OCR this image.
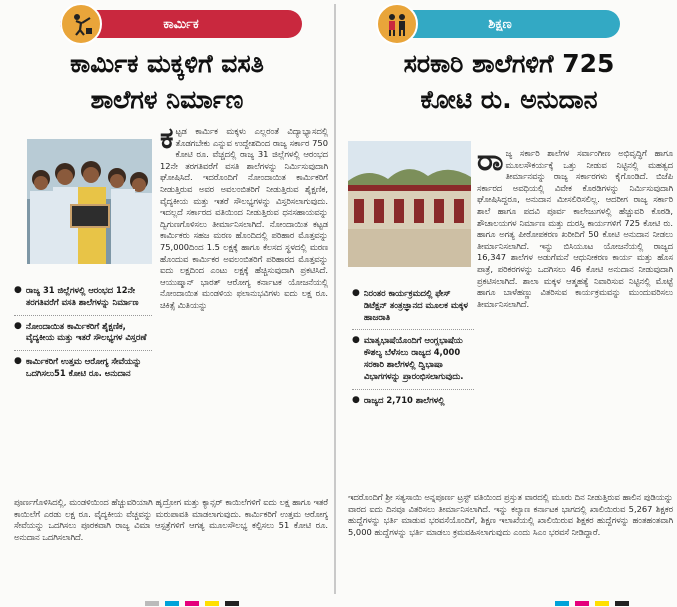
ಕಾರ್ಮಿಕ
ಕಾರ್ಮಿಕ ಮಕ್ಕಳಿಗೆ ವಸತಿ
ಶಾಲೆಗಳ ನಿರ್ಮಾಣ
ಕ ಟ್ಟಡ ಕಾರ್ಮಿಕ ಮಕ್ಕಳು ಎಲ್ಲರಂತೆ ವಿದ್ಯಾಭ್ಯಾಸದಲ್ಲಿ ತೊಡಗಬೇಕು ಎನ್ನುವ ಉದ್ದೇಶದಿಂದ ರಾಜ್ಯ ಸರ್ಕಾರ 750 ಕೋಟಿ ರೂ. ವೆಚ್ಚದಲ್ಲಿ ರಾಜ್ಯ 31 ಜಿಲ್ಲೆಗಳಲ್ಲಿ ಆರಂಭದ 12ನೇ ತರಗತಿವರೆಗೆ ವಸತಿ ಶಾಲೆಗಳನ್ನು ನಿರ್ಮಿಸುವುದಾಗಿ ಘೋಷಿಸಿದೆ. ಇದರೊಂದಿಗೆ ನೋಂದಾಯಿತ ಕಾರ್ಮಿಕರಿಗೆ ನೀಡುತ್ತಿರುವ ಅವರ ಅವಲಂಬಿತರಿಗೆ ನೀಡುತ್ತಿರುವ ಶೈಕ್ಷಣಿಕ, ವೈದ್ಯಕೀಯ ಮತ್ತು ಇತರೆ ಸೌಲಭ್ಯಗಳನ್ನು ವಿಸ್ತರಿಸಲಾಗುವುದು. ಇದಲ್ಲದೆ ಸರ್ಕಾರದ ವತಿಯಿಂದ ನೀಡುತ್ತಿರುವ ಧನಸಹಾಯವನ್ನು ದ್ವಿಗುಣಗೊಳಿಸಲು ತೀರ್ಮಾನಿಸಲಾಗಿದೆ. ನೋಂದಾಯಿತ ಕಟ್ಟಡ ಕಾರ್ಮಿಕರು ಸಹಜ ಮರಣ ಹೊಂದಿದಲ್ಲಿ ಪರಿಹಾರ ಮೊತ್ತವನ್ನು 75,000ದಿಂದ 1.5 ಲಕ್ಷಕ್ಕೆ ಹಾಗೂ ಕೆಲಸದ ಸ್ಥಳದಲ್ಲಿ ಮರಣ ಹೊಂದುವ ಕಾರ್ಮಿಕರ ಅವಲಂಬಿತರಿಗೆ ಪರಿಹಾರದ ಮೊತ್ತವನ್ನು ಐದು ಲಕ್ಷದಿಂದ ಎಂಟು ಲಕ್ಷಕ್ಕೆ ಹೆಚ್ಚಿಸುವುದಾಗಿ ಪ್ರಕಟಿಸಿದೆ. ಆಯುಷ್ಮಾನ್ ಭಾರತ್ ಆರೋಗ್ಯ ಕರ್ನಾಟಕ ಯೋಜನೆಯಲ್ಲಿ ನೋಂದಾಯಿತ ಮಂಡಳಿಯ ಫಲಾನುಭವಿಗಳು ಐದು ಲಕ್ಷ ರೂ. ಚಿಕಿತ್ಸೆ ಮಿತಿಯನ್ನು
● ರಾಜ್ಯ 31 ಜಿಲ್ಲೆಗಳಲ್ಲಿ ಆರಂಭದ 12ನೇ ತರಗತಿವರೆಗೆ ವಸತಿ ಶಾಲೆಗಳನ್ನು ನಿರ್ಮಾಣ
● ನೋಂದಾಯಿತ ಕಾರ್ಮಿಕರಿಗೆ ಶೈಕ್ಷಣಿಕ, ವೈದ್ಯಕೀಯ ಮತ್ತು ಇತರೆ ಸೌಲಭ್ಯಗಳ ವಿಸ್ತರಣೆ
● ಕಾರ್ಮಿಕರಿಗೆ ಉತ್ತಮ ಆರೋಗ್ಯ ಸೇವೆಯನ್ನು ಒದಗಿಸಲು51 ಕೋಟಿ ರೂ. ಅನುದಾನ
ಪೂರ್ಣಗೊಳಿಸಿದಲ್ಲಿ, ಮಂಡಳಿಯಿಂದ ಹೆಚ್ಚುವರಿಯಾಗಿ ಹೃದ್ರೋಗ ಮತ್ತು ಕ್ಯಾನ್ಸರ್ ಕಾಯಿಲೆಗಳಿಗೆ ಐದು ಲಕ್ಷ ಹಾಗೂ ಇತರೆ ಕಾಯಿಲೆಗೆ ಎರಡು ಲಕ್ಷ ರೂ. ವೈದ್ಯಕೀಯ ವೆಚ್ಚವನ್ನು ಮರುಪಾವತಿ ಮಾಡಲಾಗುವುದು. ಕಾರ್ಮಿಕರಿಗೆ ಉತ್ತಮ ಆರೋಗ್ಯ ಸೇವೆಯನ್ನು ಒದಗಿಸಲು ಪೂರಕವಾಗಿ ರಾಜ್ಯ ವಿಮಾ ಆಸ್ಪತ್ರೆಗಳಿಗೆ ಆಗತ್ಯ ಮೂಲಸೌಲಭ್ಯ ಕಲ್ಪಿಸಲು 51 ಕೋಟಿ ರೂ. ಅನುದಾನ ಒದಗಿಸಲಾಗಿದೆ.
ಶಿಕ್ಷಣ
ಸರಕಾರಿ ಶಾಲೆಗಳಿಗೆ 725
ಕೋಟಿ ರು. ಅನುದಾನ
ರಾ ಜ್ಯ ಸರ್ಕಾರಿ ಶಾಲೆಗಳ ಸರ್ವಾಂಗೀಣ ಅಭಿವೃದ್ಧಿಗೆ ಹಾಗೂ ಮೂಲಸೌಕರ್ಯಕ್ಕೆ ಒತ್ತು ನೀಡುವ ನಿಟ್ಟಿನಲ್ಲಿ ಮಹತ್ವದ ತೀರ್ಮಾನವನ್ನು ರಾಜ್ಯ ಸರ್ಕಾರಗಳು ಕೈಗೊಂಡಿದೆ. ಬಿಜೆಪಿ ಸರ್ಕಾರದ ಅವಧಿಯಲ್ಲಿ ವಿವೇಕ ಕೊಠಡಿಗಳನ್ನು ನಿರ್ಮಿಸುವುದಾಗಿ ಘೋಷಿಸಿದ್ದರೂ, ಅನುದಾನ ಮೀಸಲಿರಿಸಲಿಲ್ಲ. ಆದರೀಗ ರಾಜ್ಯ ಸರ್ಕಾರಿ ಶಾಲೆ ಹಾಗೂ ಪದವಿ ಪೂರ್ವ ಕಾಲೇಜುಗಳಲ್ಲಿ ಹೆಚ್ಚುವರಿ ಕೊಠಡಿ, ಶೌಚಾಲಯಗಳ ನಿರ್ಮಾಣ ಮತ್ತು ದುರಸ್ತಿ ಕಾರ್ಯಗಳಿಗೆ 725 ಕೋಟಿ ರು. ಹಾಗೂ ಅಗತ್ಯ ಪೀಠೋಪಕರಣ ಖರೀದಿಗೆ 50 ಕೋಟಿ ಅನುದಾನ ನೀಡಲು ತೀರ್ಮಾನಿಸಲಾಗಿದೆ. ಇನ್ನು ಬಿಸಿಯೂಟ ಯೋಜನೆಯಲ್ಲಿ ರಾಜ್ಯದ 16,347 ಶಾಲೆಗಳ ಅಡುಗೆಮನೆ ಆಧುನೀಕರಣ ಕಾರ್ಯ ಮತ್ತು ಹೊಸ ಪಾತ್ರೆ, ಪರಿಕರಗಳನ್ನು ಒದಗಿಸಲು 46 ಕೋಟಿ ಅನುದಾನ ನೀಡುವುದಾಗಿ ಪ್ರಕಟಿಸಲಾಗಿದೆ. ಶಾಲಾ ಮಕ್ಕಳ ಆತ್ಮಹತ್ಯೆ ನಿವಾರಿಸುವ ನಿಟ್ಟಿನಲ್ಲಿ ಮೊಟ್ಟೆ ಹಾಗೂ ಬಾಳೆಹಣ್ಣು ವಿತರಿಸುವ ಕಾರ್ಯಕ್ರಮವನ್ನು ಮುಂದುವರಿಸಲು ತೀರ್ಮಾನಿಸಲಾಗಿದೆ.
● ನಿರಂತರ ಕಾರ್ಯಕ್ರಮದಲ್ಲಿ ಫೇಸ್ ಡಿಟೆಕ್ಷನ್ ತಂತ್ರಜ್ಞಾನದ ಮೂಲಕ ಮಕ್ಕಳ ಹಾಜರಾತಿ
● ಮಾತೃಭಾಷೆಯೊಂದಿಗೆ ಆಂಗ್ಲಭಾಷೆಯ ಕೌಶಲ್ಯ ಬೆಳೆಸಲು ರಾಜ್ಯದ 4,000 ಸರಕಾರಿ ಶಾಲೆಗಳಲ್ಲಿ ದ್ವಿಭಾಷಾ ವಿಭಾಗಗಳನ್ನು ಪ್ರಾರಂಭಿಸಲಾಗುವುದು.
● ರಾಜ್ಯದ 2,710 ಶಾಲೆಗಳಲ್ಲಿ
ಇದರೊಂದಿಗೆ ಶ್ರೀ ಸತ್ಯಸಾಯಿ ಅನ್ನಪೂರ್ಣ ಟ್ರಸ್ಟ್ ವತಿಯಿಂದ ಪ್ರಸ್ತುತ ವಾರದಲ್ಲಿ ಮೂರು ದಿನ ನೀಡುತ್ತಿರುವ ಹಾಲಿನ ಪುಡಿಯನ್ನು ವಾರದ ಐದು ದಿನವೂ ವಿತರಿಸಲು ತೀರ್ಮಾನಿಸಲಾಗಿದೆ. ಇನ್ನು ಕಲ್ಯಾಣ ಕರ್ನಾಟಕ ಭಾಗದಲ್ಲಿ ಖಾಲಿಯಿರುವ 5,267 ಶಿಕ್ಷಕರ ಹುದ್ದೆಗಳನ್ನು ಭರ್ತಿ ಮಾಡುವ ಭರವಸೆಯೊಂದಿಗೆ, ಶಿಕ್ಷಣ ಇಲಾಖೆಯಲ್ಲಿ ಖಾಲಿಯಿರುವ ಶಿಕ್ಷಕರ ಹುದ್ದೆಗಳನ್ನು ಹಂತಹಂತವಾಗಿ 5,000 ಹುದ್ದೆಗಳನ್ನು ಭರ್ತಿ ಮಾಡಲು ಕ್ರಮವಹಿಸಲಾಗುವುದು ಎಂದು ಸಿಎಂ ಭರವಸೆ ನೀಡಿದ್ದಾರೆ.
